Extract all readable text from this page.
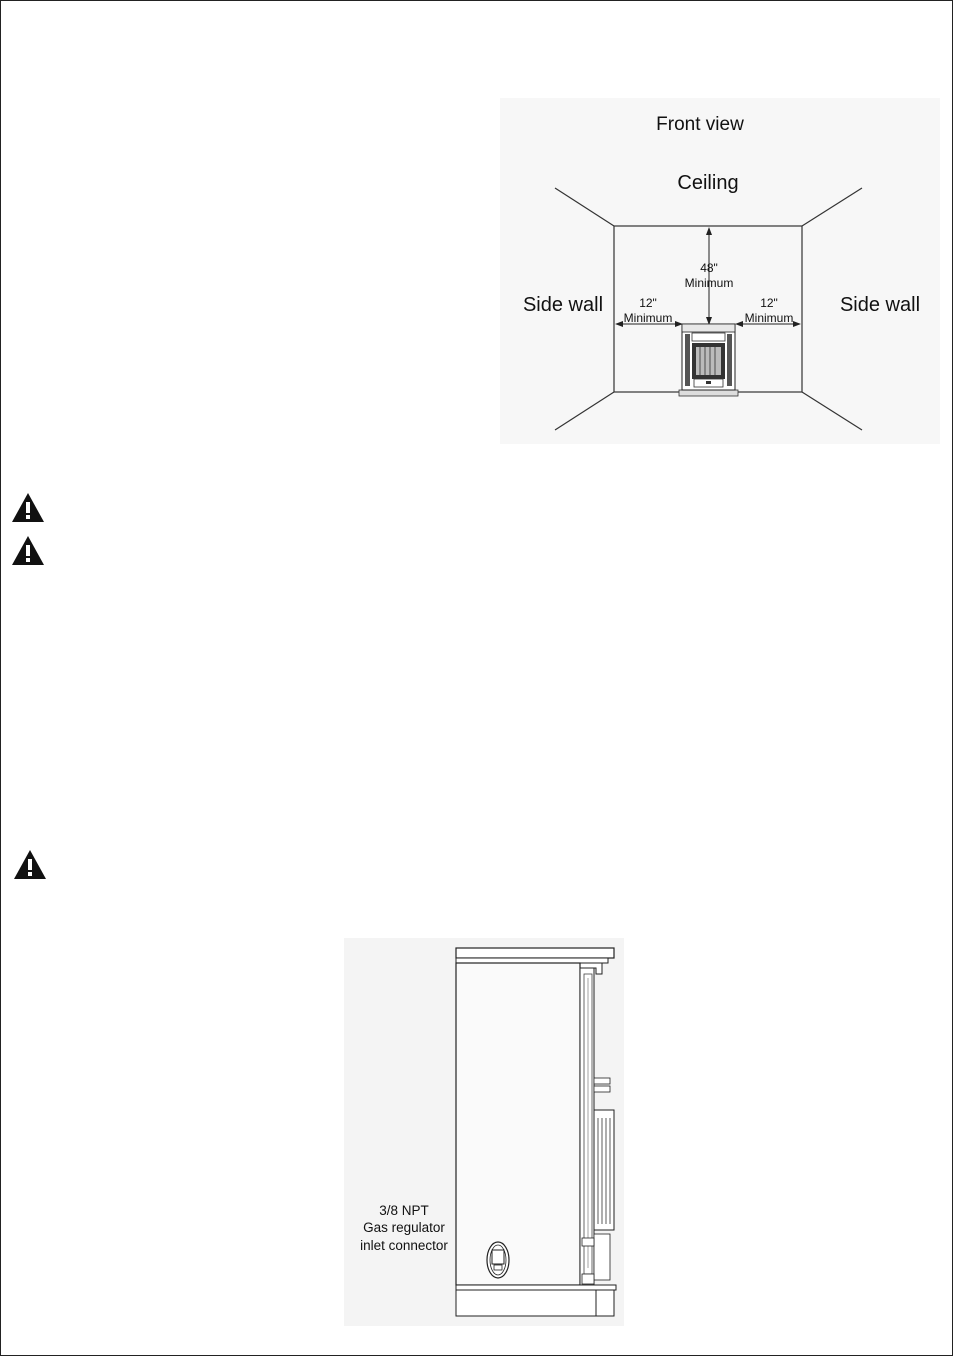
Front view
Ceiling
Side wall	Side wall
48"
Minimum
12"
Minimum
12"
Minimum
3/8 NPT
Gas regulator
inlet connector
